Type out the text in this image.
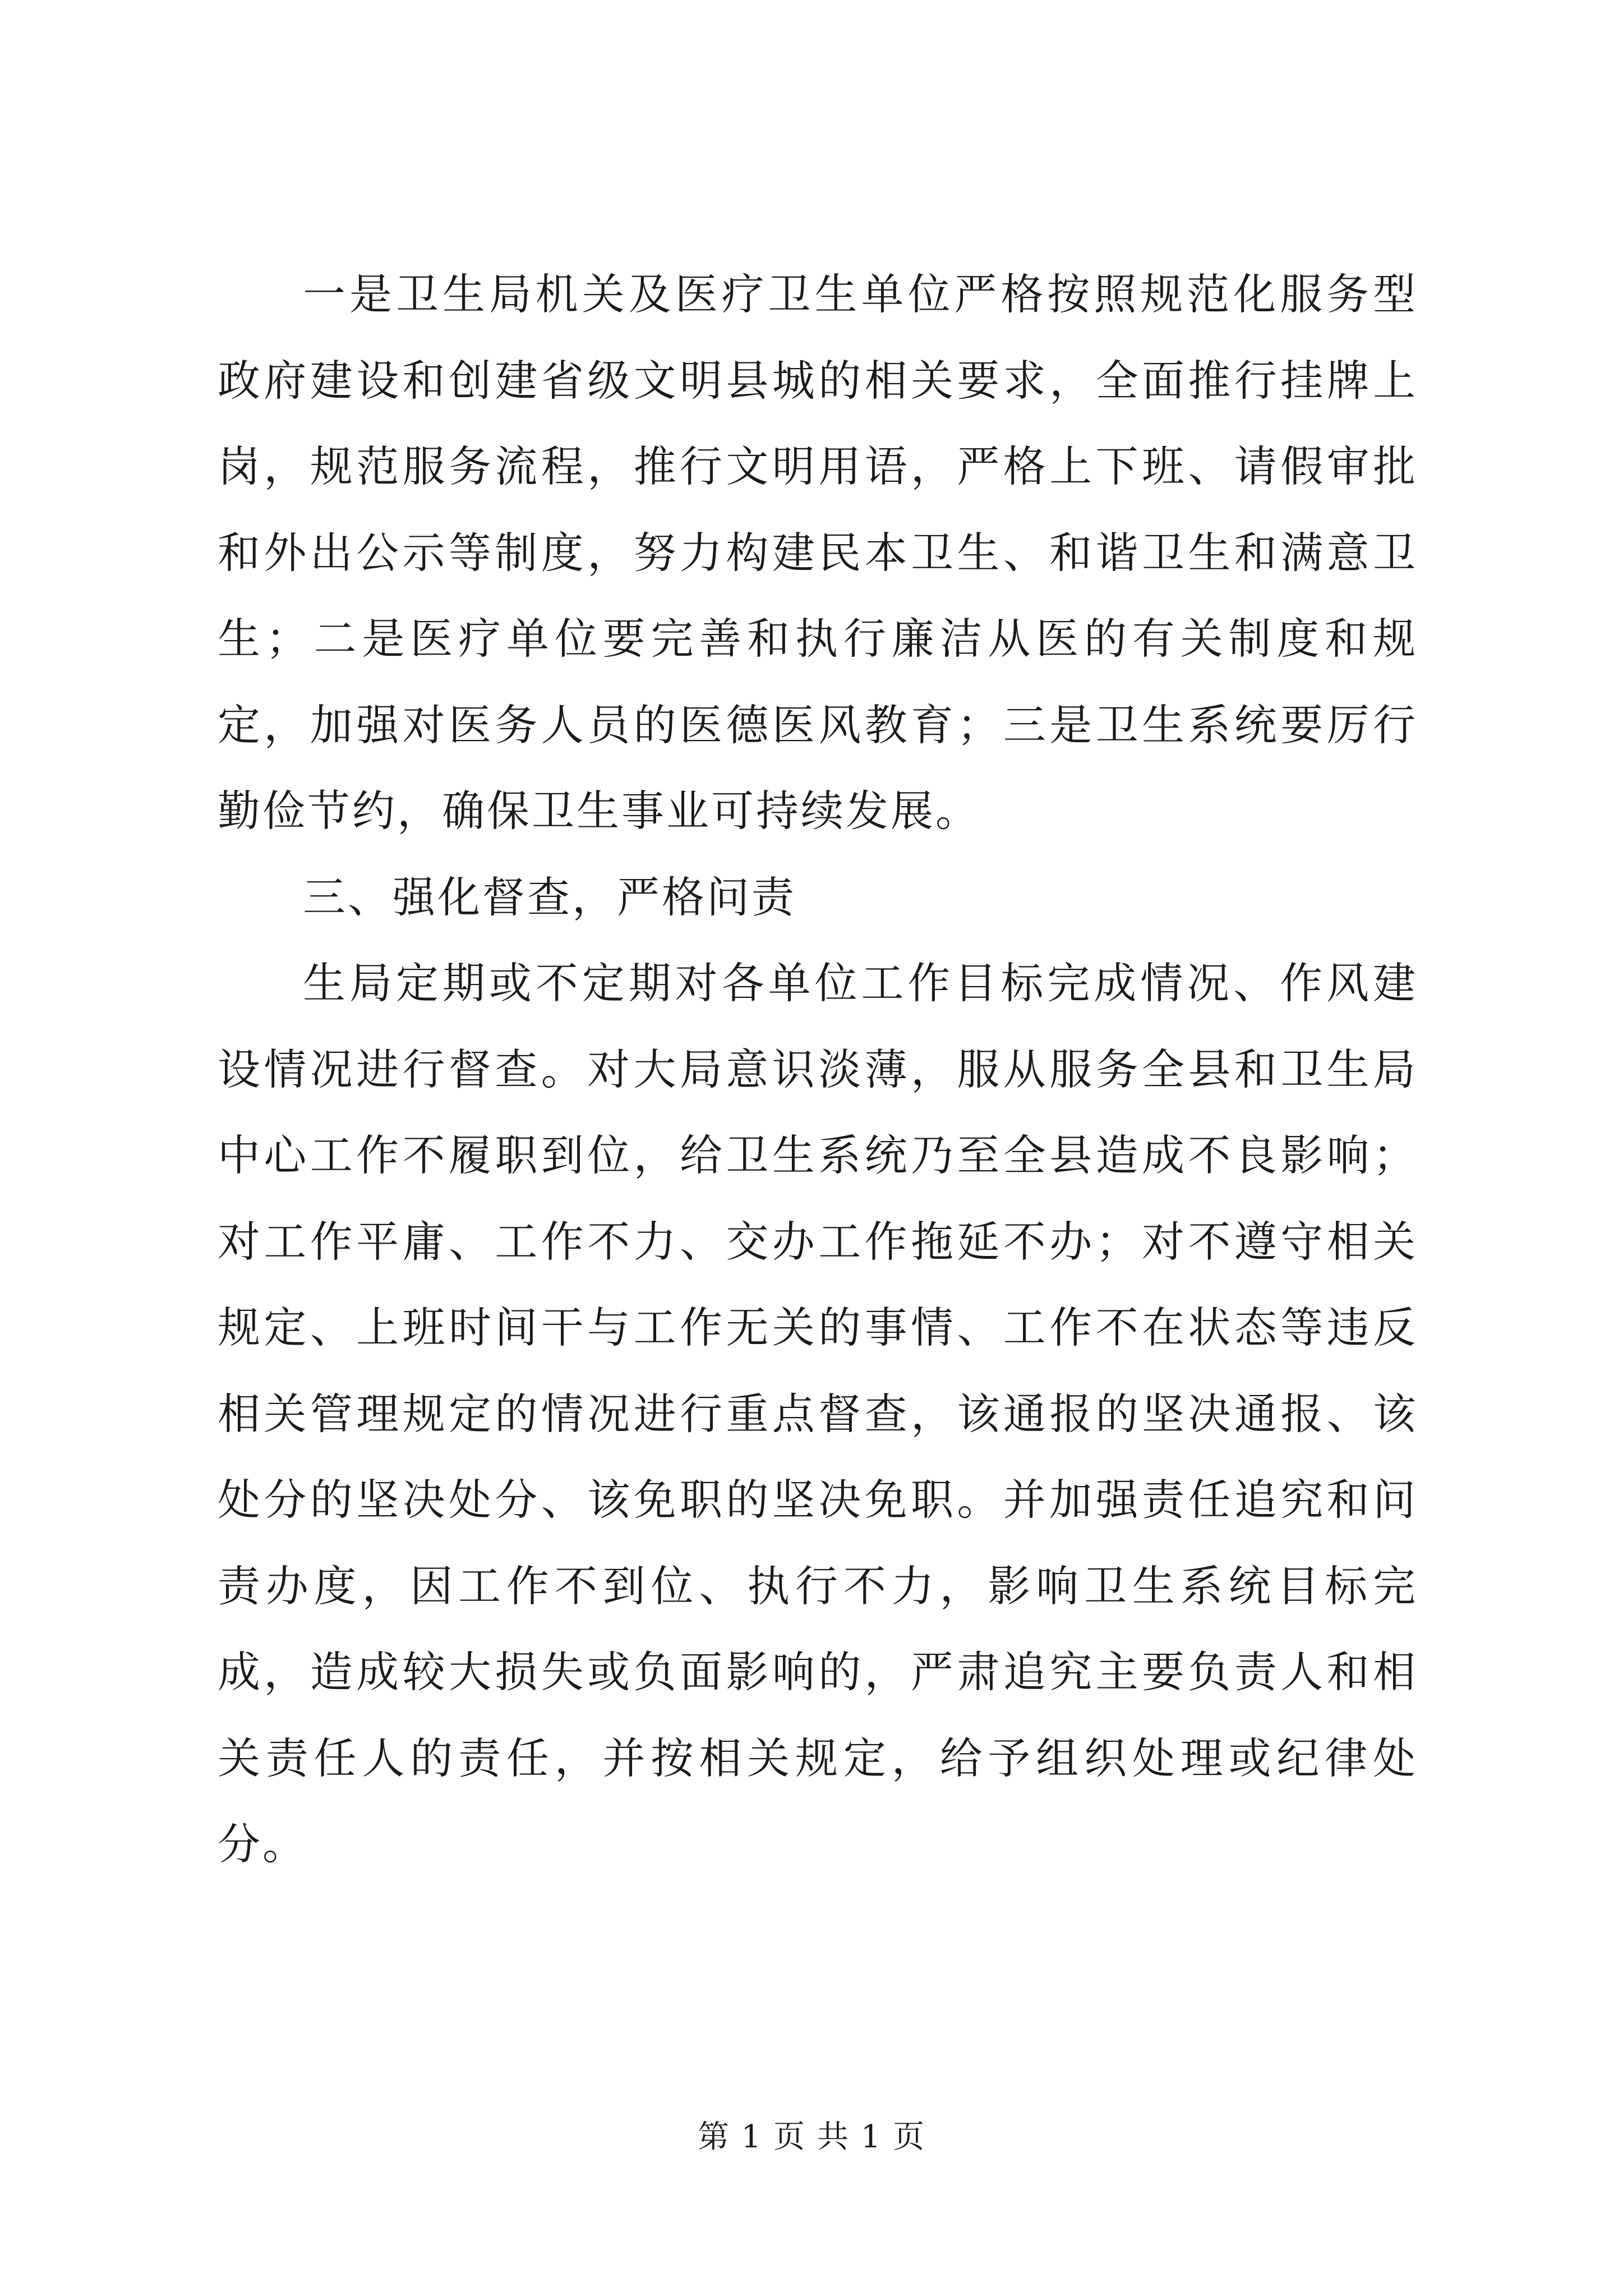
一是卫生局机关及医疗卫生单位严格按照规范化服务型政府建设和创建省级文明县城的相关要求，全面推行挂牌上岗，规范服务流程，推行文明用语，严格上下班、请假审批和外出公示等制度，努力构建民本卫生、和谐卫生和满意卫生；二是医疗单位要完善和执行廉洁从医的有关制度和规定，加强对医务人员的医德医风教育；三是卫生系统要厉行勤俭节约，确保卫生事业可持续发展。

三、强化督查，严格问责

生局定期或不定期对各单位工作目标完成情况、作风建设情况进行督查。对大局意识淡薄，服从服务全县和卫生局中心工作不履职到位，给卫生系统乃至全县造成不良影响；对工作平庸、工作不力、交办工作拖延不办；对不遵守相关规定、上班时间干与工作无关的事情、工作不在状态等违反相关管理规定的情况进行重点督查，该通报的坚决通报、该处分的坚决处分、该免职的坚决免职。并加强责任追究和问责办度，因工作不到位、执行不力，影响卫生系统目标完成，造成较大损失或负面影响的，严肃追究主要负责人和相关责任人的责任，并按相关规定，给予组织处理或纪律处分。

第 1 页 共 1 页
